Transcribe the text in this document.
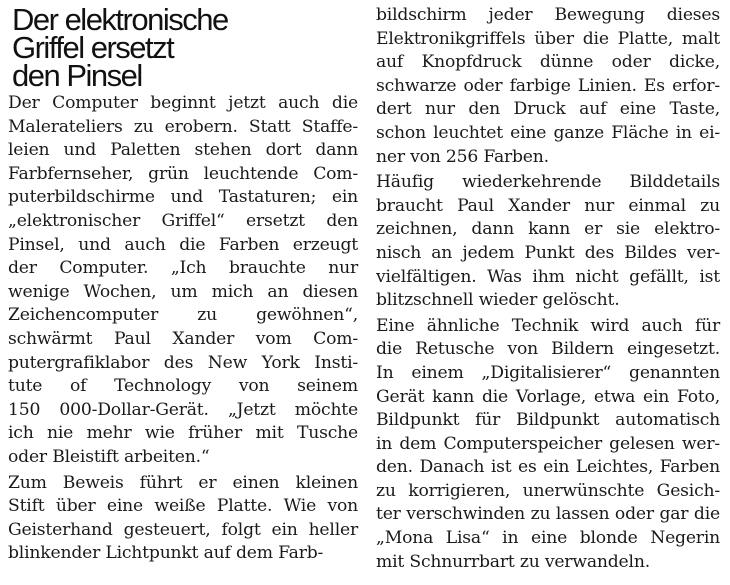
Der elektronische
Griffel ersetzt
den Pinsel
Der Computer beginnt jetzt auch die
Malerateliers zu erobern. Statt Staffe-
leien und Paletten stehen dort dann
Farbfernseher, grün leuchtende Com-
puterbildschirme und Tastaturen; ein
„elektronischer Griffel“ ersetzt den
Pinsel, und auch die Farben erzeugt
der Computer. „Ich brauchte nur
wenige Wochen, um mich an diesen
Zeichencomputer zu gewöhnen“,
schwärmt Paul Xander vom Com-
putergrafiklabor des New York Insti-
tute of Technology von seinem
150 000-Dollar-Gerät. „Jetzt möchte
ich nie mehr wie früher mit Tusche
oder Bleistift arbeiten.“
Zum Beweis führt er einen kleinen
Stift über eine weiße Platte. Wie von
Geisterhand gesteuert, folgt ein heller
blinkender Lichtpunkt auf dem Farb-
bildschirm jeder Bewegung dieses
Elektronikgriffels über die Platte, malt
auf Knopfdruck dünne oder dicke,
schwarze oder farbige Linien. Es erfor-
dert nur den Druck auf eine Taste,
schon leuchtet eine ganze Fläche in ei-
ner von 256 Farben.
Häufig wiederkehrende Bilddetails
braucht Paul Xander nur einmal zu
zeichnen, dann kann er sie elektro-
nisch an jedem Punkt des Bildes ver-
vielfältigen. Was ihm nicht gefällt, ist
blitzschnell wieder gelöscht.
Eine ähnliche Technik wird auch für
die Retusche von Bildern eingesetzt.
In einem „Digitalisierer“ genannten
Gerät kann die Vorlage, etwa ein Foto,
Bildpunkt für Bildpunkt automatisch
in dem Computerspeicher gelesen wer-
den. Danach ist es ein Leichtes, Farben
zu korrigieren, unerwünschte Gesich-
ter verschwinden zu lassen oder gar die
„Mona Lisa“ in eine blonde Negerin
mit Schnurrbart zu verwandeln.
